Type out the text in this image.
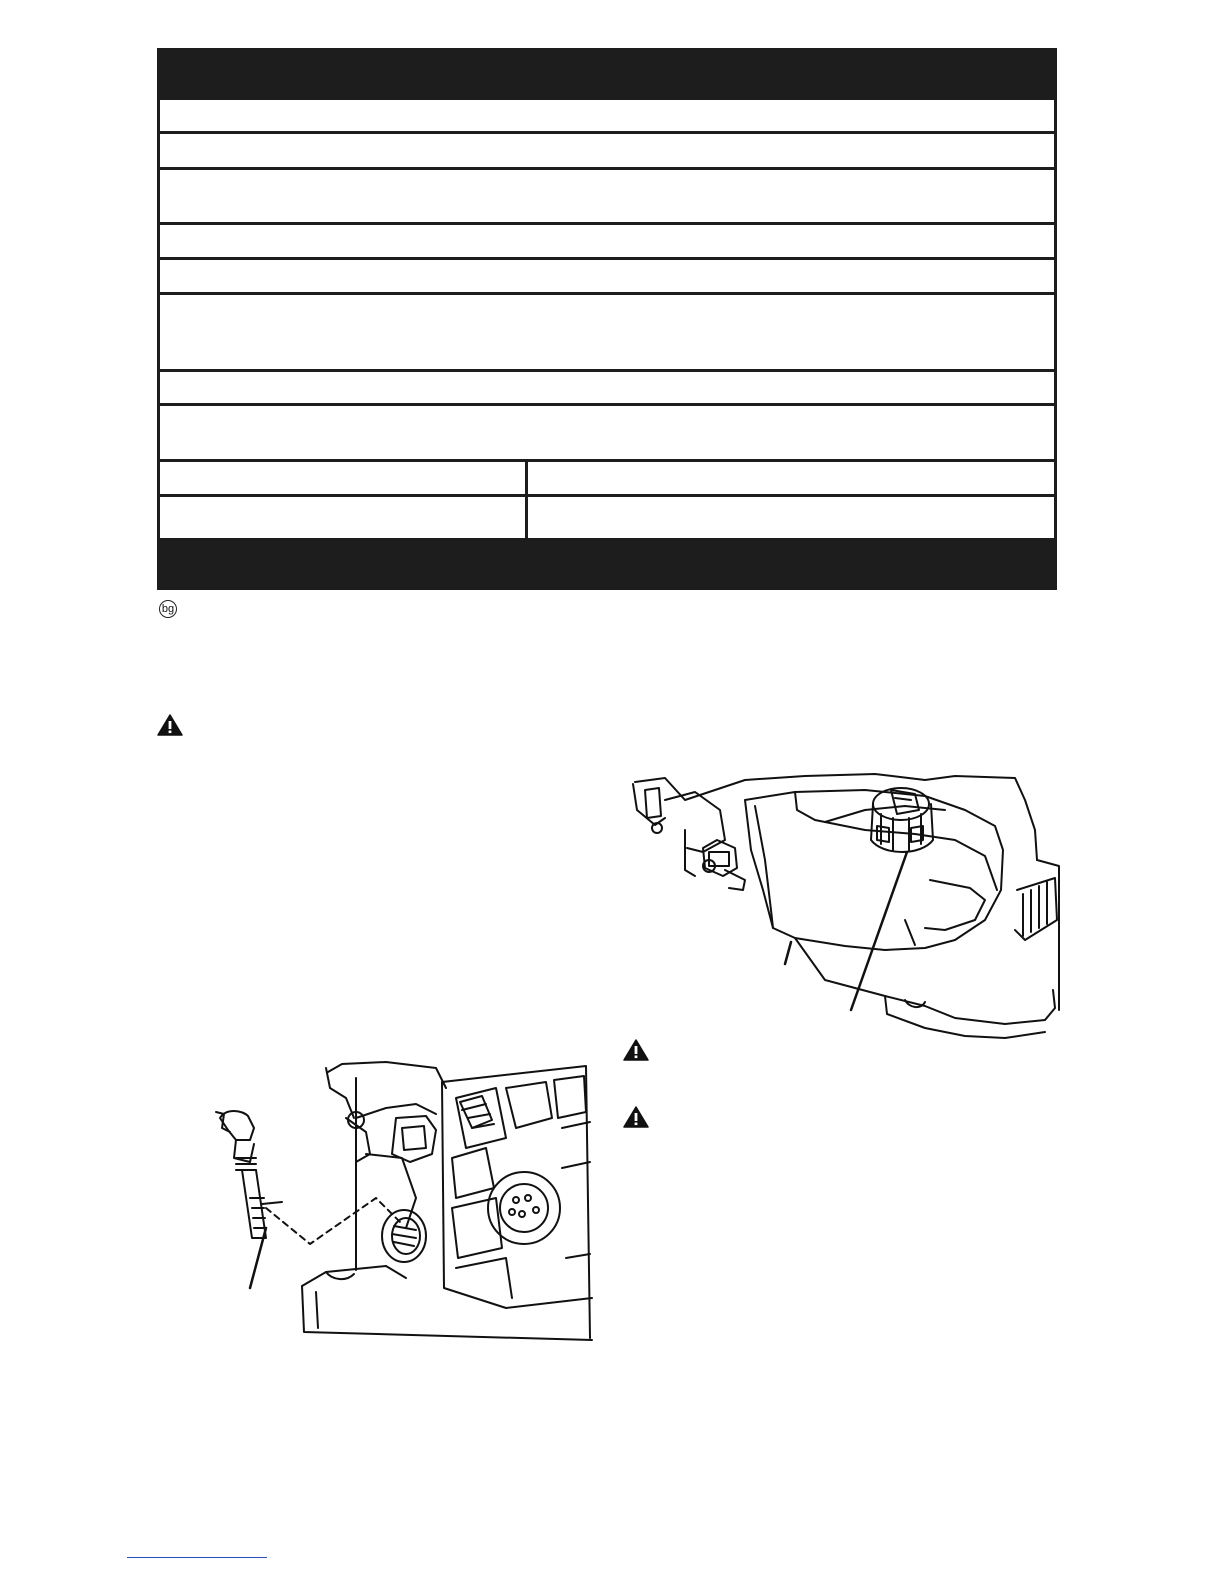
bg
